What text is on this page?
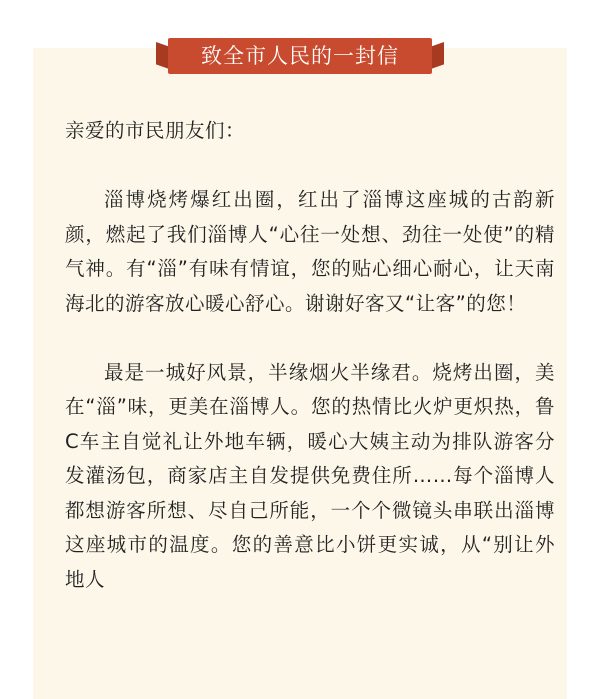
致全市人民的一封信

亲爱的市民朋友们：

淄博烧烤爆红出圈，红出了淄博这座城的古韵新颜，燃起了我们淄博人“心往一处想、劲往一处使”的精气神。有“淄”有味有情谊，您的贴心细心耐心，让天南海北的游客放心暖心舒心。谢谢好客又“让客”的您！

最是一城好风景，半缘烟火半缘君。烧烤出圈，美在“淄”味，更美在淄博人。您的热情比火炉更炽热，鲁C车主自觉礼让外地车辆，暖心大姨主动为排队游客分发灌汤包，商家店主自发提供免费住所……每个淄博人都想游客所想、尽自己所能，一个个微镜头串联出淄博这座城市的温度。您的善意比小饼更实诚，从“别让外地人
